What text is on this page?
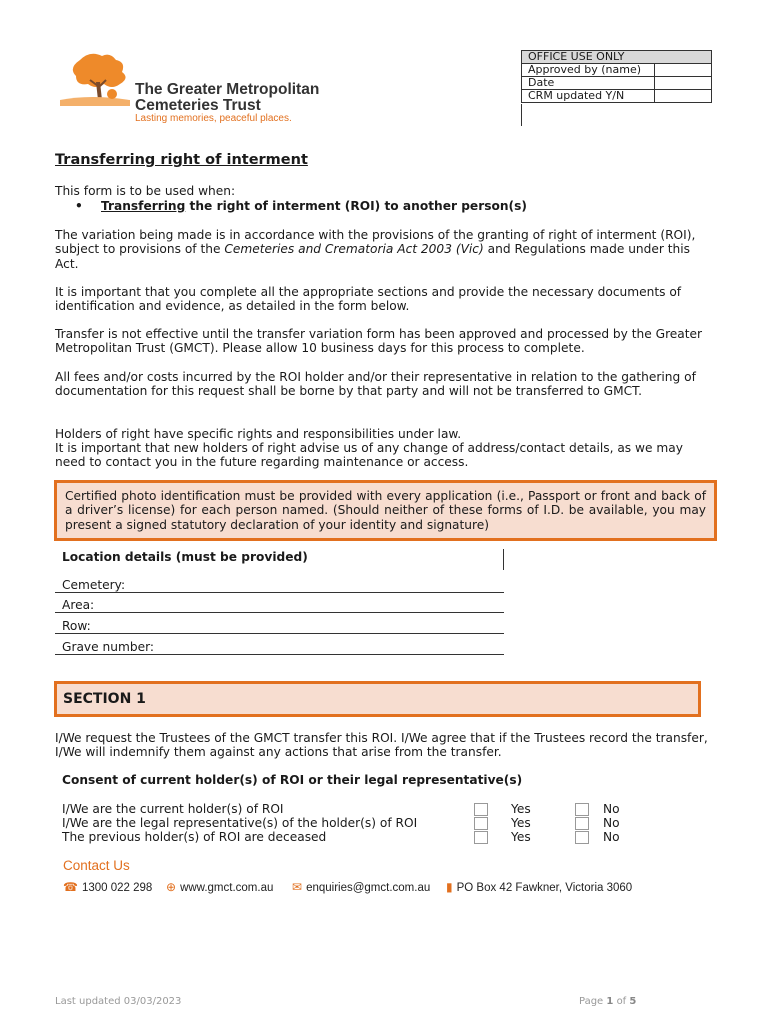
The Greater Metropolitan
Cemeteries Trust
Lasting memories, peaceful places.
OFFICE USE ONLY	
Approved by (name)	
Date	
CRM updated Y/N	
Transferring right of interment
This form is to be used when:
• Transferring the right of interment (ROI) to another person(s)

The variation being made is in accordance with the provisions of the granting of right of interment (ROI), subject to provisions of the Cemeteries and Crematoria Act 2003 (Vic) and Regulations made under this Act.

It is important that you complete all the appropriate sections and provide the necessary documents of identification and evidence, as detailed in the form below.

Transfer is not effective until the transfer variation form has been approved and processed by the Greater Metropolitan Trust (GMCT). Please allow 10 business days for this process to complete.

All fees and/or costs incurred by the ROI holder and/or their representative in relation to the gathering of documentation for this request shall be borne by that party and will not be transferred to GMCT.

Holders of right have specific rights and responsibilities under law.

It is important that new holders of right advise us of any change of address/contact details, as we may need to contact you in the future regarding maintenance or access.

Certified photo identification must be provided with every application (i.e., Passport or front and back of a driver’s license) for each person named. (Should neither of these forms of I.D. be available, you may present a signed statutory declaration of your identity and signature)
Location details (must be provided)
Cemetery:
Area:
Row:
Grave number:
SECTION 1

I/We request the Trustees of the GMCT transfer this ROI. I/We agree that if the Trustees record the transfer, I/We will indemnify them against any actions that arise from the transfer.

Consent of current holder(s) of ROI or their legal representative(s)
I/We are the current holder(s) of ROI	Yes	No
I/We are the legal representative(s) of the holder(s) of ROI	Yes	No
The previous holder(s) of ROI are deceased	Yes	No
Contact Us
☎ 1300 022 298 ⊕ www.gmct.com.au ✉ enquiries@gmct.com.au ▮ PO Box 42 Fawkner, Victoria 3060
Last updated 03/03/2023	Page 1 of 5
